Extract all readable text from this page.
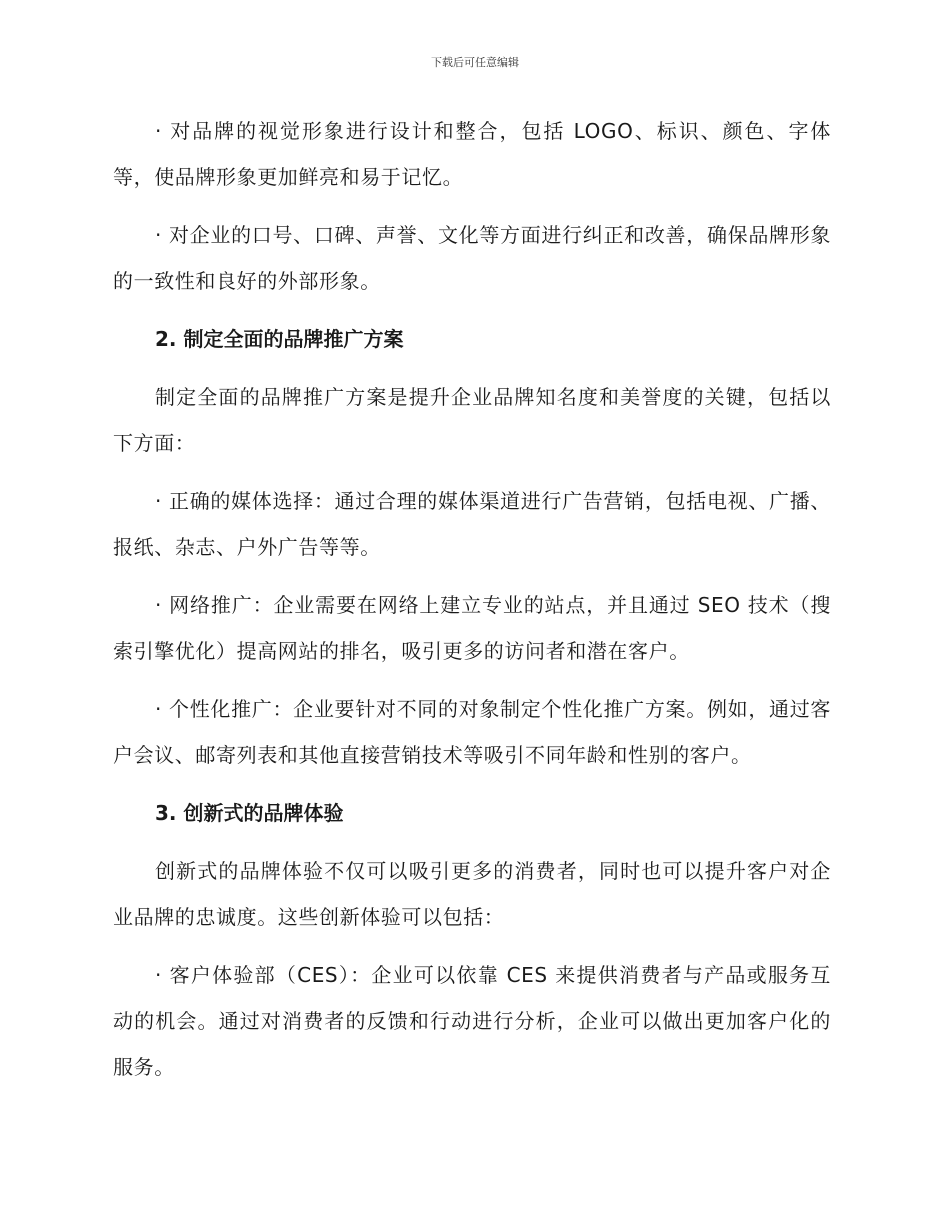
下载后可任意编辑

· 对品牌的视觉形象进行设计和整合，包括 LOGO、标识、颜色、字体等，使品牌形象更加鲜亮和易于记忆。

· 对企业的口号、口碑、声誉、文化等方面进行纠正和改善，确保品牌形象的一致性和良好的外部形象。

2. 制定全面的品牌推广方案

制定全面的品牌推广方案是提升企业品牌知名度和美誉度的关键，包括以下方面：

· 正确的媒体选择：通过合理的媒体渠道进行广告营销，包括电视、广播、报纸、杂志、户外广告等等。

· 网络推广：企业需要在网络上建立专业的站点，并且通过 SEO 技术（搜索引擎优化）提高网站的排名，吸引更多的访问者和潜在客户。

· 个性化推广：企业要针对不同的对象制定个性化推广方案。例如，通过客户会议、邮寄列表和其他直接营销技术等吸引不同年龄和性别的客户。

3. 创新式的品牌体验

创新式的品牌体验不仅可以吸引更多的消费者，同时也可以提升客户对企业品牌的忠诚度。这些创新体验可以包括：

· 客户体验部（CES）：企业可以依靠 CES 来提供消费者与产品或服务互动的机会。通过对消费者的反馈和行动进行分析，企业可以做出更加客户化的服务。
